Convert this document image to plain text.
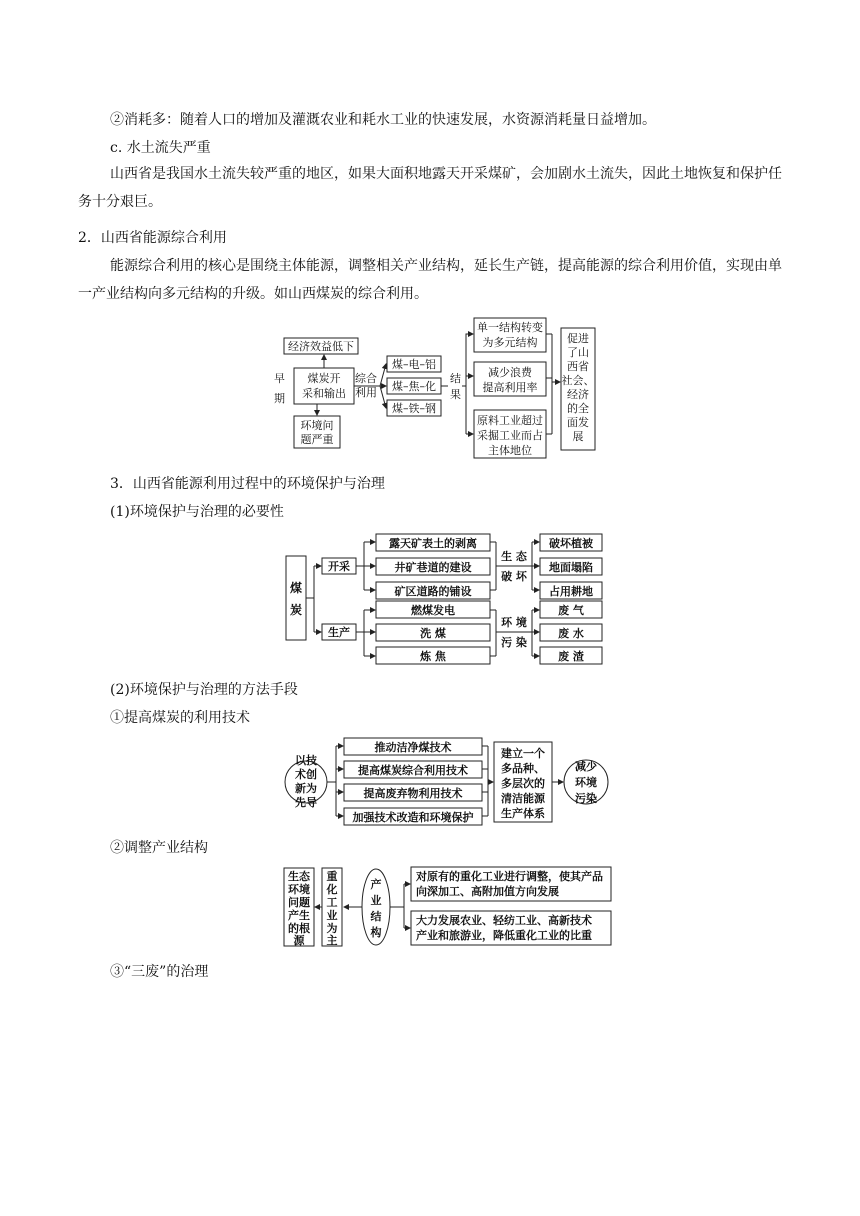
②消耗多：随着人口的增加及灌溉农业和耗水工业的快速发展，水资源消耗量日益增加。
c. 水土流失严重
山西省是我国水土流失较严重的地区，如果大面积地露天开采煤矿，会加剧水土流失，因此土地恢复和保护任务十分艰巨。
2．山西省能源综合利用
能源综合利用的核心是围绕主体能源，调整相关产业结构，延长生产链，提高能源的综合利用价值，实现由单一产业结构向多元结构的升级。如山西煤炭的综合利用。
早
期
经济效益低下
煤炭开
采和输出
环境问
题严重
综合
利用
煤–电–铝
煤–焦–化
煤–铁–钢
结
果
单一结构转变
为多元结构
减少浪费
提高利用率
原料工业超过
采掘工业而占
主体地位
促进
了山
西省
社会、
经济
的全
面发
展
3．山西省能源利用过程中的环境保护与治理
(1)环境保护与治理的必要性
煤
炭
开采
生产
露天矿表土的剥离
井矿巷道的建设
矿区道路的铺设
燃煤发电
洗 煤
炼 焦
生 态
破 坏
环 境
污 染
破坏植被
地面塌陷
占用耕地
废 气
废 水
废 渣
(2)环境保护与治理的方法手段
①提高煤炭的利用技术
以技
术创
新为
先导
推动洁净煤技术
提高煤炭综合利用技术
提高废弃物利用技术
加强技术改造和环境保护
建立一个
多品种、
多层次的
清洁能源
生产体系
减少
环境
污染
②调整产业结构
生态
环境
问题
产生
的根
源
重
化
工
业
为
主
产
业
结
构
对原有的重化工业进行调整，使其产品
向深加工、高附加值方向发展
大力发展农业、轻纺工业、高新技术
产业和旅游业，降低重化工业的比重
③“三废”的治理
